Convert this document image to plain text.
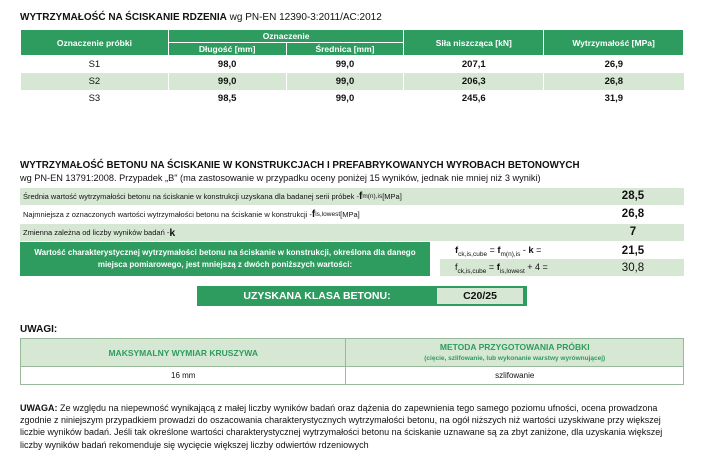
WYTRZYMAŁOŚĆ NA ŚCISKANIE RDZENIA wg PN-EN 12390-3:2011/AC:2012
Oznaczenie próbki	Oznaczenie		Siła niszcząca [kN]	Wytrzymałość [MPa]
	Długość [mm]	Średnica [mm]		
S1	98,0	99,0	207,1	26,9
S2	99,0	99,0	206,3	26,8
S3	98,5	99,0	245,6	31,9
WYTRZYMAŁOŚĆ BETONU NA ŚCISKANIE W KONSTRUKCJACH I PREFABRYKOWANYCH WYROBACH BETONOWYCH
wg PN-EN 13791:2008. Przypadek „B" (ma zastosowanie w przypadku oceny poniżej 15 wyników, jednak nie mniej niż 3 wyniki)
Średnia wartość wytrzymałości betonu na ściskanie w konstrukcji uzyskana dla badanej serii próbek - f m(n),is [MPa]	28,5
Najmniejsza z oznaczonych wartości wytrzymałości betonu na ściskanie w konstrukcji - f is,lowest [MPa]	26,8
Zmienna zależna od liczby wyników badań - k	7
Wartość charakterystycznej wytrzymałości betonu na ściskanie w konstrukcji, określona dla danego miejsca pomiarowego, jest mniejszą z dwóch poniższych wartości:
$f_{ck,is,cube} = f_{m(n),is} - k$ =	21,5
$f_{ck,is,cube} = f_{is,lowest} + 4$ =	30,8
UZYSKANA KLASA BETONU:	C20/25
UWAGI:
MAKSYMALNY WYMIAR KRUSZYWA	METODA PRZYGOTOWANIA PRÓBKI
(cięcie, szlifowanie, lub wykonanie warstwy wyrównującej)

16 mm	szlifowanie
UWAGA: Ze względu na niepewność wynikającą z małej liczby wyników badań oraz dążenia do zapewnienia tego samego poziomu ufności, ocena prowadzona zgodnie z niniejszym przypadkiem prowadzi do oszacowania charakterystycznych wytrzymałości betonu, na ogół niższych niż wartości uzyskiwane przy większej liczbie wyników badań. Jeśli tak określone wartości charakterystycznej wytrzymałości betonu na ściskanie uznawane są za zbyt zaniżone, dla uzyskania większej liczby wyników badań rekomenduje się wycięcie większej liczby odwiertów rdzeniowych
